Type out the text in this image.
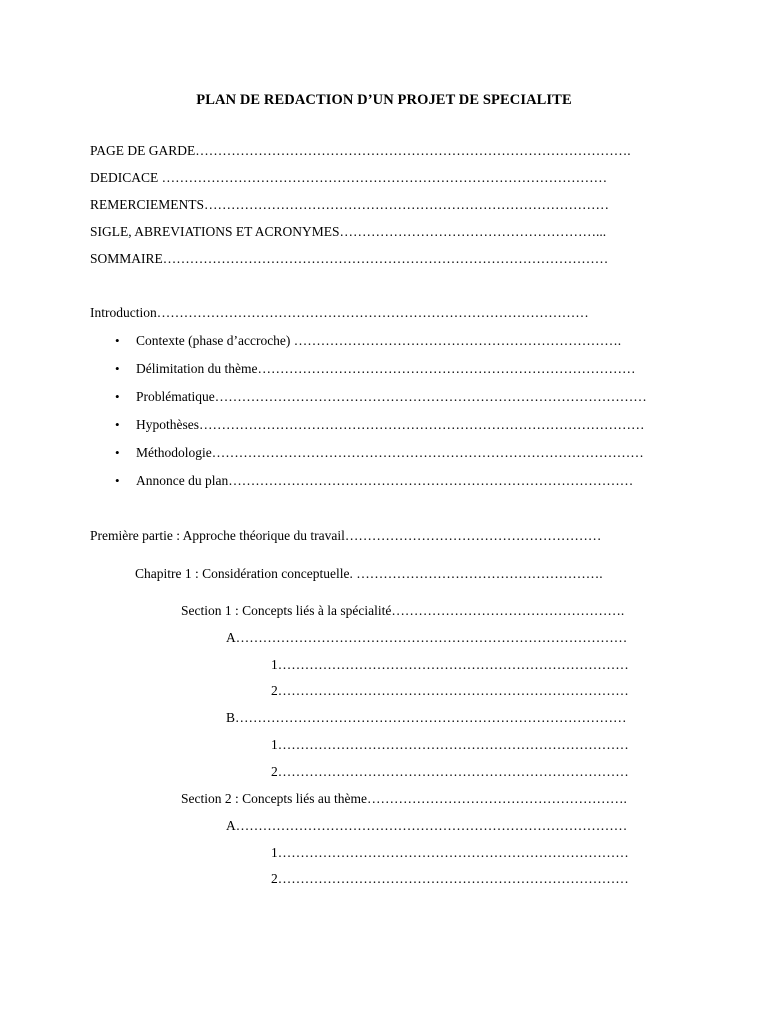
PLAN DE REDACTION D’UN PROJET DE SPECIALITE
PAGE DE GARDE…………………………………………………………………………………….
DEDICACE ………………………………………………………………………………………
REMERCIEMENTS………………………………………………………………………………
SIGLE, ABREVIATIONS ET ACRONYMES…………………………………………………...
SOMMAIRE………………………………………………………………………………………
Introduction……………………………………………………………………………………
• Contexte (phase d’accroche) ……………………………………………………………….
• Délimitation du thème…………………………………………………………………………
• Problématique……………………………………………………………………………………
• Hypothèses………………………………………………………………………………………
• Méthodologie……………………………………………………………………………………
• Annonce du plan………………………………………………………………………………
Première partie : Approche théorique du travail…………………………………………………
Chapitre 1 : Considération conceptuelle. ……………………………………………….
Section 1 : Concepts liés à la spécialité…………………………………………….
A……………………………………………………………………………
1……………………………………………………………………
2……………………………………………………………………
B……………………………………………………………………………
1……………………………………………………………………
2……………………………………………………………………
Section 2 : Concepts liés au thème………………………………………………….
A……………………………………………………………………………
1……………………………………………………………………
2……………………………………………………………………
